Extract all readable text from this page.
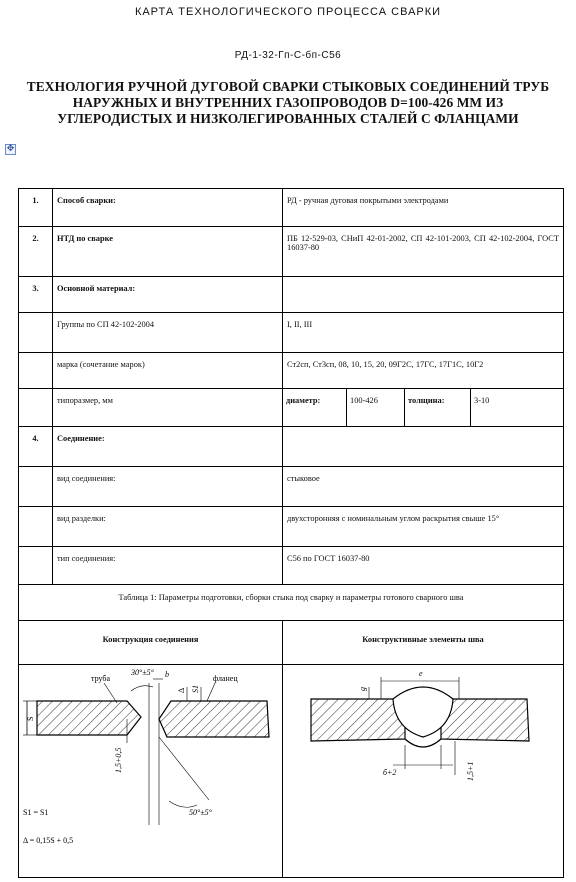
КАРТА ТЕХНОЛОГИЧЕСКОГО ПРОЦЕССА СВАРКИ
РД-1-32-Гп-С-бп-С56
ТЕХНОЛОГИЯ РУЧНОЙ ДУГОВОЙ СВАРКИ СТЫКОВЫХ СОЕДИНЕНИЙ ТРУБ
НАРУЖНЫХ И ВНУТРЕННИХ ГАЗОПРОВОДОВ D=100-426 ММ ИЗ
УГЛЕРОДИСТЫХ И НИЗКОЛЕГИРОВАННЫХ СТАЛЕЙ С ФЛАНЦАМИ
✥
1.	Способ сварки:	РД - ручная дуговая покрытыми электродами
2.	НТД по сварке	ПБ 12-529-03, СНиП 42-01-2002, СП 42-101-2003, СП 42-102-2004, ГОСТ 16037-80
3.	Основной материал:
Группы по СП 42-102-2004	I, II, III
марка (сочетание марок)	Ст2сп, Ст3сп, 08, 10, 15, 20, 09Г2С, 17ГС, 17Г1С, 10Г2
типоразмер, мм	диаметр:	100-426	толщина:	3-10
4.	Соединение:
вид соединения:	стыковое
вид разделки:	двухсторонняя с номинальным углом раскрытия свыше 15°
тип соединения:	С56 по ГОСТ 16037-80
Таблица 1: Параметры подготовки, сборки стыка под сварку и параметры готового сварного шва
Конструкция соединения	Конструктивные элементы шва
S
труба	фланец
30°±5° b
Δ S1
1,5+0,5
50°±5°
S1 = S1
Δ = 0,15S + 0,5
e
g
б+2	1,5+1
